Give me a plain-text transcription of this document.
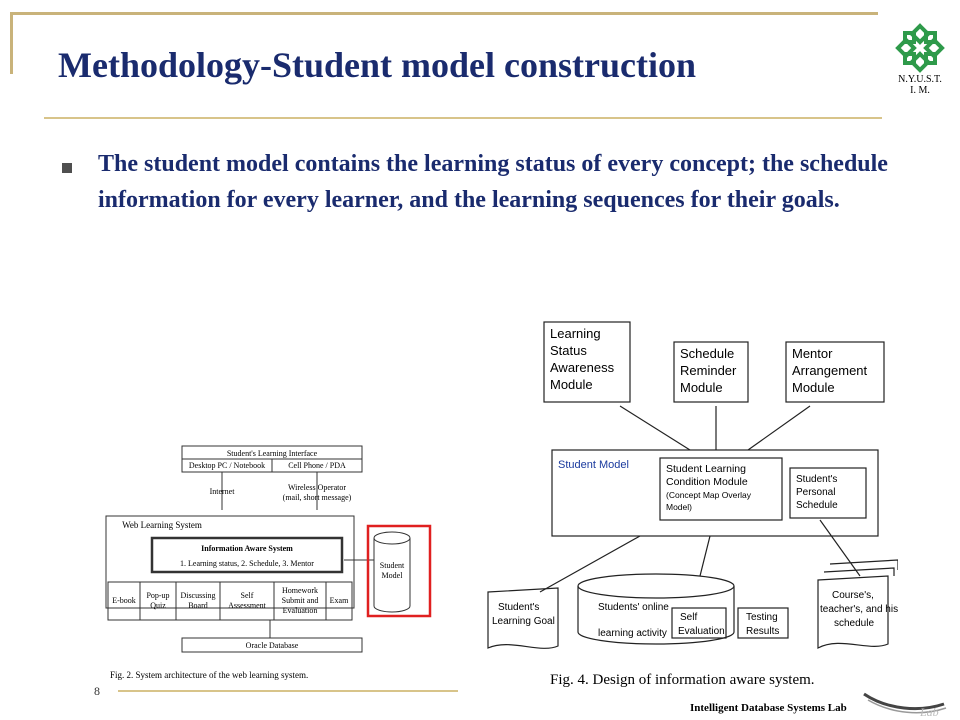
Methodology-Student model construction	N.Y.U.S.T.
I. M.
The student model contains the learning status of every concept; the schedule information for every learner, and the learning sequences for their goals.
Student's Learning Interface
Desktop PC / Notebook	Cell Phone / PDA
Internet	Wireless Operator
(mail, short message)
Web Learning System
Information Aware System
1. Learning status, 2. Schedule, 3. Mentor	Student
Model
Oracle Database
E-book
Pop-up Quiz
Discussing Board
Self Assessment
Homework Submit and Evaluation
Exam
Fig. 2. System architecture of the web learning system.
Learning Status Awareness Module
Schedule Reminder Module
Mentor Arrangement Module
Student Model	Student Learning
Condition Module
(Concept Map Overlay
Model)
Student's
Personal
Schedule
Student's
Learning Goal
Students' online
learning activity
Self
Evaluation
Testing
Results
Course's,
teacher's, and his
schedule
Fig. 4. Design of information aware system.
8
Intelligent Database Systems Lab	Lab
